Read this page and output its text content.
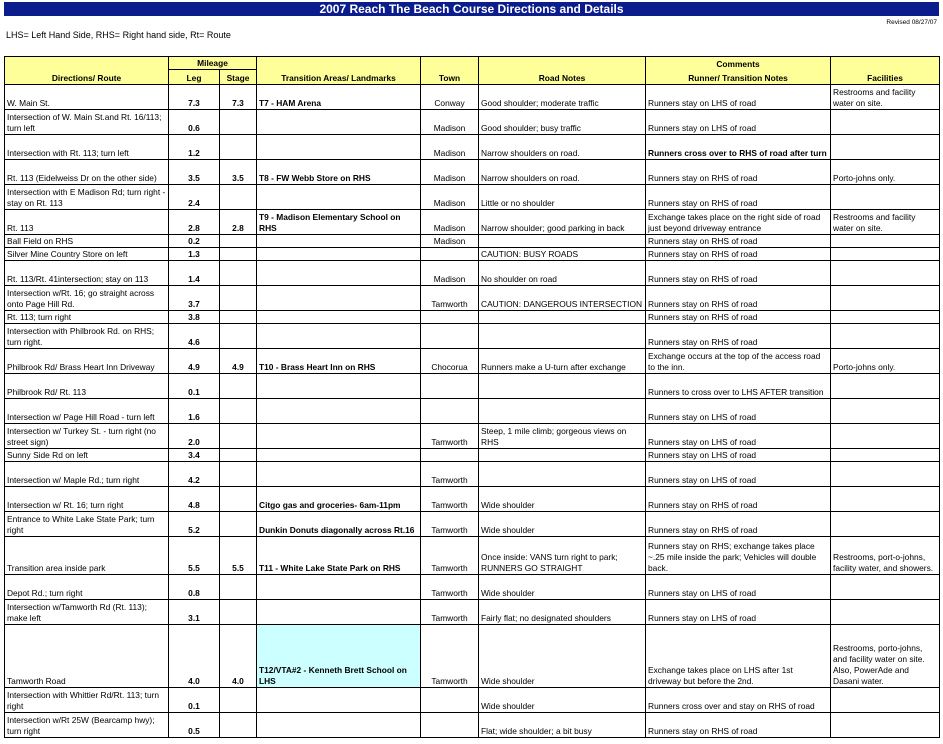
2007 Reach The Beach Course Directions and Details
Revised 08/27/07
LHS= Left Hand Side, RHS= Right hand side, Rt= Route
Directions/ Route	Mileage		Transition Areas/ Landmarks	Town	Road Notes	Comments	Facilities
	Leg	Stage				Runner/ Transition Notes	
W. Main St.	7.3	7.3	T7 - HAM Arena	Conway	Good shoulder; moderate traffic	Runners stay on LHS of road	Restrooms and facility water on site.
Intersection of W. Main St.and Rt. 16/113; turn left	0.6			Madison	Good shoulder; busy traffic	Runners stay on LHS of road	
Intersection with Rt. 113; turn left	1.2			Madison	Narrow shoulders on road.	Runners cross over to RHS of road after turn	
Rt. 113 (Eidelweiss Dr on the other side)	3.5	3.5	T8 - FW Webb Store on RHS	Madison	Narrow shoulders on road.	Runners stay on RHS of road	Porto-johns only.
Intersection with E Madison Rd; turn right - stay on Rt. 113	2.4			Madison	Little or no shoulder	Runners stay on RHS of road	
Rt. 113	2.8	2.8	T9 - Madison Elementary School on RHS	Madison	Narrow shoulder; good parking in back	Exchange takes place on the right side of road just beyond driveway entrance	Restrooms and facility water on site.
Ball Field on RHS	0.2			Madison		Runners stay on RHS of road	
Silver Mine Country Store on left	1.3				CAUTION: BUSY ROADS	Runners stay on RHS of road	
Rt. 113/Rt. 41intersection; stay on 113	1.4			Madison	No shoulder on road	Runners stay on RHS of road	
Intersection w/Rt. 16; go straight across onto Page Hill Rd.	3.7			Tamworth	CAUTION: DANGEROUS INTERSECTION	Runners stay on RHS of road	
Rt. 113; turn right	3.8					Runners stay on RHS of road	
Intersection with Philbrook Rd. on RHS; turn right.	4.6					Runners stay on RHS of road	
Philbrook Rd/ Brass Heart Inn Driveway	4.9	4.9	T10 - Brass Heart Inn on RHS	Chocorua	Runners make a U-turn after exchange	Exchange occurs at the top of the access road to the inn.	Porto-johns only.
Philbrook Rd/ Rt. 113	0.1					Runners to cross over to LHS AFTER transition	
Intersection w/ Page Hill Road - turn left	1.6					Runners stay on LHS of road	
Intersection w/ Turkey St. - turn right (no street sign)	2.0			Tamworth	Steep, 1 mile climb; gorgeous views on RHS	Runners stay on LHS of road	
Sunny Side Rd on left	3.4					Runners stay on LHS of road	
Intersection w/ Maple Rd.; turn right	4.2			Tamworth		Runners stay on LHS of road	
Intersection w/ Rt. 16; turn right	4.8		Citgo gas and groceries- 6am-11pm	Tamworth	Wide shoulder	Runners stay on RHS of road	
Entrance to White Lake State Park; turn right	5.2		Dunkin Donuts diagonally across Rt.16	Tamworth	Wide shoulder	Runners stay on RHS of road	
Transition area inside park	5.5	5.5	T11 - White Lake State Park on RHS	Tamworth	Once inside: VANS turn right to park; RUNNERS GO STRAIGHT	Runners stay on RHS; exchange takes place ~.25 mile inside the park; Vehicles will double back.	Restrooms, port-o-johns, facility water, and showers.
Depot Rd.; turn right	0.8			Tamworth	Wide shoulder	Runners stay on LHS of road	
Intersection w/Tamworth Rd (Rt. 113); make left	3.1			Tamworth	Fairly flat; no designated shoulders	Runners stay on LHS of road	
Tamworth Road	4.0	4.0	T12/VTA#2 - Kenneth Brett School on LHS	Tamworth	Wide shoulder	Exchange takes place on LHS after 1st driveway but before the 2nd.	Restrooms, porto-johns, and facility water on site. Also, PowerAde and Dasani water.
Intersection with Whittier Rd/Rt. 113; turn right	0.1				Wide shoulder	Runners cross over and stay on RHS of road	
Intersection w/Rt 25W (Bearcamp hwy); turn right	0.5				Flat; wide shoulder; a bit busy	Runners stay on RHS of road	
